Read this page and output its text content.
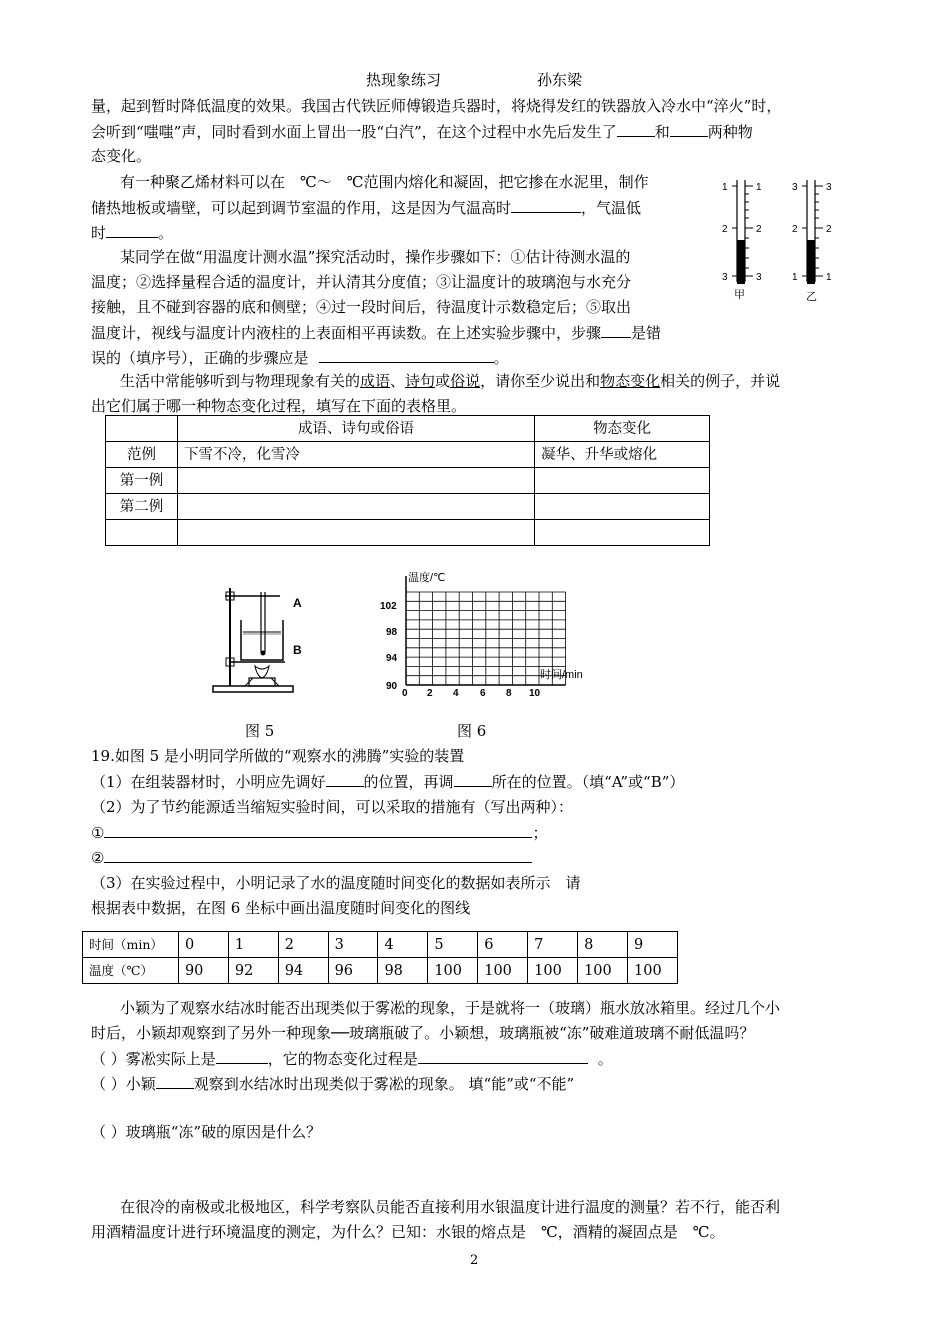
热现象练习	孙东梁
量，起到暂时降低温度的效果。我国古代铁匠师傅锻造兵器时，将烧得发红的铁器放入冷水中“淬火”时，
会听到“嗤嗤”声，同时看到水面上冒出一股“白汽”，在这个过程中水先后发生了	和	两种物
态变化。
有一种聚乙烯材料可以在　℃～　℃范围内熔化和凝固，把它掺在水泥里，制作
储热地板或墙壁，可以起到调节室温的作用，这是因为气温高时	，气温低
时	。
某同学在做“用温度计测水温”探究活动时，操作步骤如下：①估计待测水温的
温度；②选择量程合适的温度计，并认清其分度值；③让温度计的玻璃泡与水充分
接触，且不碰到容器的底和侧壁；④过一段时间后，待温度计示数稳定后；⑤取出
温度计，视线与温度计内液柱的上表面相平再读数。在上述实验步骤中，步骤 是错
误的（填序号），正确的步骤应是	。
1
2
3
1
2
3
甲
3
2
1
3
2
1
乙
生活中常能够听到与物理现象有关的成语、诗句或俗说，请你至少说出和物态变化相关的例子，并说
出它们属于哪一种物态变化过程，填写在下面的表格里。
	成语、诗句或俗语	物态变化
范例	下雪不冷，化雪冷	凝华、升华或熔化
第一例		
第二例		

A
B
图 5
温度/℃
时间/min
102
98
94
90
0 2 4 6 8 10
图 6
19.如图 5 是小明同学所做的“观察水的沸腾”实验的装置
（1）在组装器材时，小明应先调好	的位置，再调	所在的位置。（填“A”或“B”）
（2）为了节约能源适当缩短实验时间，可以采取的措施有（写出两种）：
①	；
②
（3）在实验过程中，小明记录了水的温度随时间变化的数据如表所示　请
根据表中数据，在图 6 坐标中画出温度随时间变化的图线
时间（min）	0	1	2	3	4	5	6	7	8	9
温度（℃）	90	92	94	96	98	100	100	100	100	100
小颖为了观察水结冰时能否出现类似于雾凇的现象，于是就将一（玻璃）瓶水放冰箱里。经过几个小
时后，小颖却观察到了另外一种现象──玻璃瓶破了。小颖想，玻璃瓶被“冻”破难道玻璃不耐低温吗？
（ ）雾凇实际上是	，它的物态变化过程是	。
（ ）小颖	观察到水结冰时出现类似于雾凇的现象。 填“能”或“不能”
（ ）玻璃瓶“冻”破的原因是什么？
在很冷的南极或北极地区，科学考察队员能否直接利用水银温度计进行温度的测量？若不行，能否利
用酒精温度计进行环境温度的测定，为什么？已知：水银的熔点是　℃，酒精的凝固点是　℃。
2
